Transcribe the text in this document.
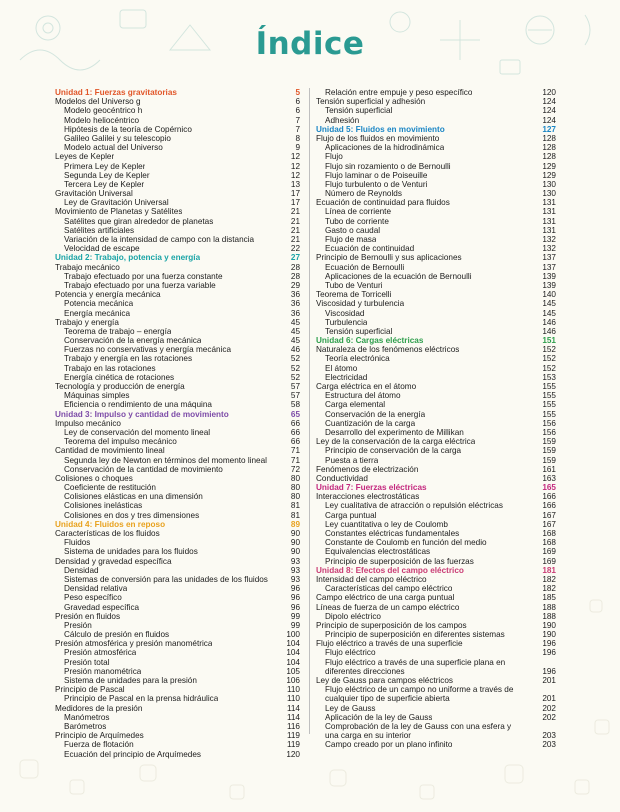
Índice
Unidad 1: Fuerzas gravitatorias	5
Modelos del Universo g	6
Modelo geocéntrico h	6
Modelo heliocéntrico	7
Hipótesis de la teoría de Copérnico	7
Galileo Galilei y su telescopio	8
Modelo actual del Universo	9
Leyes de Kepler	12
Primera Ley de Kepler	12
Segunda Ley de Kepler	12
Tercera Ley de Kepler	13
Gravitación Universal	17
Ley de Gravitación Universal	17
Movimiento de Planetas y Satélites	21
Satélites que giran alrededor de planetas	21
Satélites artificiales	21
Variación de la intensidad de campo con la distancia	21
Velocidad de escape	22
Unidad 2: Trabajo, potencia y energía	27
Trabajo mecánico	28
Trabajo efectuado por una fuerza constante	28
Trabajo efectuado por una fuerza variable	29
Potencia y energía mecánica	36
Potencia mecánica	36
Energía mecánica	36
Trabajo y energía	45
Teorema de trabajo – energía	45
Conservación de la energía mecánica	45
Fuerzas no conservativas y energía mecánica	46
Trabajo y energía en las rotaciones	52
Trabajo en las rotaciones	52
Energía cinética de rotaciones	52
Tecnología y producción de energía	57
Máquinas simples	57
Eficiencia o rendimiento de una máquina	58
Unidad 3: Impulso y cantidad de movimiento	65
Impulso mecánico	66
Ley de conservación del momento lineal	66
Teorema del impulso mecánico	66
Cantidad de movimiento lineal	71
Segunda ley de Newton en términos del momento lineal	71
Conservación de la cantidad de movimiento	72
Colisiones o choques	80
Coeficiente de restitución	80
Colisiones elásticas en una dimensión	80
Colisiones inelásticas	81
Colisiones en dos y tres dimensiones	81
Unidad 4: Fluidos en reposo	89
Características de los fluidos	90
Fluidos	90
Sistema de unidades para los fluidos	90
Densidad y gravedad específica	93
Densidad	93
Sistemas de conversión para las unidades de los fluidos	93
Densidad relativa	96
Peso específico	96
Gravedad específica	96
Presión en fluidos	99
Presión	99
Cálculo de presión en fluidos	100
Presión atmosférica y presión manométrica	104
Presión atmosférica	104
Presión total	104
Presión manométrica	105
Sistema de unidades para la presión	106
Principio de Pascal	110
Principio de Pascal en la prensa hidráulica	110
Medidores de la presión	114
Manómetros	114
Barómetros	116
Principio de Arquímedes	119
Fuerza de flotación	119
Ecuación del principio de Arquímedes	120
Relación entre empuje y peso específico	120
Tensión superficial y adhesión	124
Tensión superficial	124
Adhesión	124
Unidad 5: Fluidos en movimiento	127
Flujo de los fluidos en movimiento	128
Aplicaciones de la hidrodinámica	128
Flujo	128
Flujo sin rozamiento o de Bernoulli	129
Flujo laminar o de Poiseuille	129
Flujo turbulento o de Venturi	130
Número de Reynolds	130
Ecuación de continuidad para fluidos	131
Línea de corriente	131
Tubo de corriente	131
Gasto o caudal	131
Flujo de masa	132
Ecuación de continuidad	132
Principio de Bernoulli y sus aplicaciones	137
Ecuación de Bernoulli	137
Aplicaciones de la ecuación de Bernoulli	139
Tubo de Venturi	139
Teorema de Torricelli	140
Viscosidad y turbulencia	145
Viscosidad	145
Turbulencia	146
Tensión superficial	146
Unidad 6: Cargas eléctricas	151
Naturaleza de los fenómenos eléctricos	152
Teoría electrónica	152
El átomo	152
Electricidad	153
Carga eléctrica en el átomo	155
Estructura del átomo	155
Carga elemental	155
Conservación de la energía	155
Cuantización de la carga	156
Desarrollo del experimento de Millikan	156
Ley de la conservación de la carga eléctrica	159
Principio de conservación de la carga	159
Puesta a tierra	159
Fenómenos de electrización	161
Conductividad	163
Unidad 7: Fuerzas eléctricas	165
Interacciones electrostáticas	166
Ley cualitativa de atracción o repulsión eléctricas	166
Carga puntual	167
Ley cuantitativa o ley de Coulomb	167
Constantes eléctricas fundamentales	168
Constante de Coulomb en función del medio	168
Equivalencias electrostáticas	169
Principio de superposición de las fuerzas	169
Unidad 8: Efectos del campo eléctrico	181
Intensidad del campo eléctrico	182
Características del campo eléctrico	182
Campo eléctrico de una carga puntual	185
Líneas de fuerza de un campo eléctrico	188
Dipolo eléctrico	188
Principio de superposición de los campos	190
Principio de superposición en diferentes sistemas	190
Flujo eléctrico a través de una superficie	196
Flujo eléctrico	196
Flujo eléctrico a través de una superficie plana en diferentes direcciones	196
Ley de Gauss para campos eléctricos	201
Flujo eléctrico de un campo no uniforme a través de cualquier tipo de superficie abierta	201
Ley de Gauss	202
Aplicación de la ley de Gauss	202
Comprobación de la ley de Gauss con una esfera y una carga en su interior	203
Campo creado por un plano infinito	203
